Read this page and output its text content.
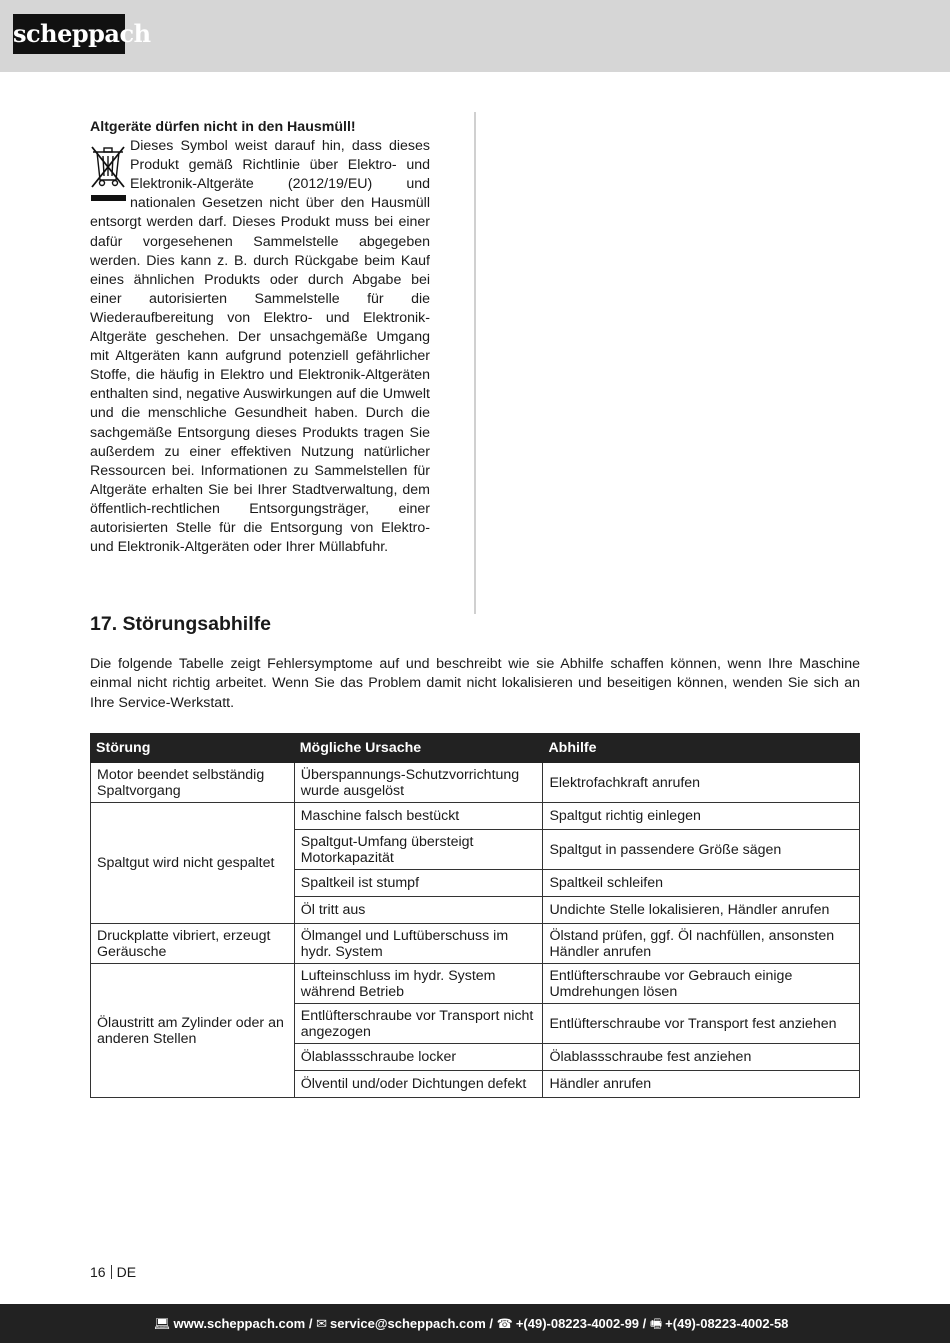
scheppach
Altgeräte dürfen nicht in den Hausmüll!
Dieses Symbol weist darauf hin, dass dieses Produkt gemäß Richtlinie über Elektro- und Elektronik-Altgeräte (2012/19/EU) und nationalen Gesetzen nicht über den Hausmüll entsorgt werden darf. Dieses Produkt muss bei einer dafür vorgesehenen Sammelstelle abgegeben werden. Dies kann z. B. durch Rückgabe beim Kauf eines ähnlichen Produkts oder durch Abgabe bei einer autorisierten Sammelstelle für die Wiederaufbereitung von Elektro- und Elektronik-Altgeräte geschehen. Der unsachgemäße Umgang mit Altgeräten kann aufgrund potenziell gefährlicher Stoffe, die häufig in Elektro und Elektronik-Altgeräten enthalten sind, negative Auswirkungen auf die Umwelt und die menschliche Gesundheit haben. Durch die sachgemäße Entsorgung dieses Produkts tragen Sie außerdem zu einer effektiven Nutzung natürlicher Ressourcen bei. Informationen zu Sammelstellen für Altgeräte erhalten Sie bei Ihrer Stadtverwaltung, dem öffentlich-rechtlichen Entsorgungsträger, einer autorisierten Stelle für die Entsorgung von Elektro- und Elektronik-Altgeräten oder Ihrer Müllabfuhr.
17. Störungsabhilfe
Die folgende Tabelle zeigt Fehlersymptome auf und beschreibt wie sie Abhilfe schaffen können, wenn Ihre Maschine einmal nicht richtig arbeitet. Wenn Sie das Problem damit nicht lokalisieren und beseitigen können, wenden Sie sich an Ihre Service-Werkstatt.
Störung	Mögliche Ursache	Abhilfe
Motor beendet selbständig Spaltvorgang	Überspannungs-Schutzvorrichtung wurde ausgelöst	Elektrofachkraft anrufen
Spaltgut wird nicht gespaltet	Maschine falsch bestückt	Spaltgut richtig einlegen
	Spaltgut-Umfang übersteigt Motorkapazität	Spaltgut in passendere Größe sägen
	Spaltkeil ist stumpf	Spaltkeil schleifen
	Öl tritt aus	Undichte Stelle lokalisieren, Händler anrufen
Druckplatte vibriert, erzeugt Geräusche	Ölmangel und Luftüberschuss im hydr. System	Ölstand prüfen, ggf. Öl nachfüllen, ansonsten Händler anrufen
Ölaustritt am Zylinder oder an anderen Stellen	Lufteinschluss im hydr. System während Betrieb	Entlüfterschraube vor Gebrauch einige Umdrehungen lösen
	Entlüfterschraube vor Transport nicht angezogen	Entlüfterschraube vor Transport fest anziehen
	Ölablassschraube locker	Ölablassschraube fest anziehen
	Ölventil und/oder Dichtungen defekt	Händler anrufen
16 DE
💻︎ www.scheppach.com / ✉︎ service@scheppach.com / ☎︎ +(49)-08223-4002-99 / 🖷︎ +(49)-08223-4002-58
